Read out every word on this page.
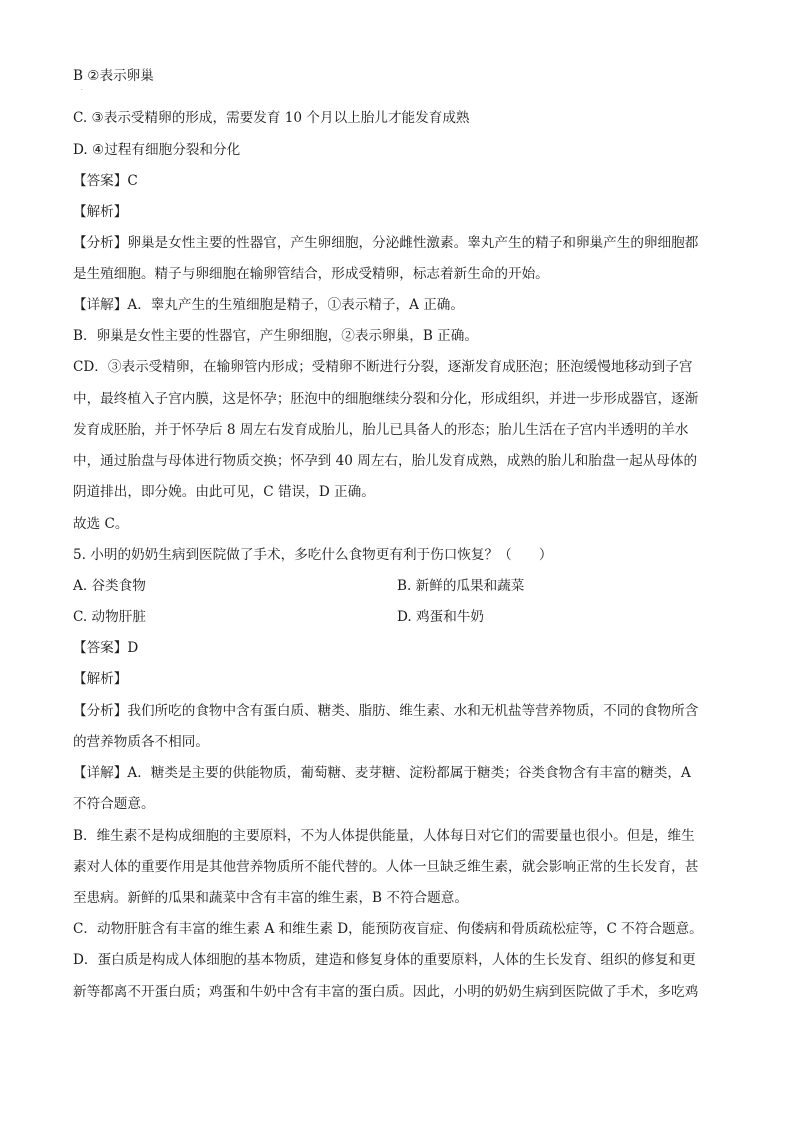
B ②表示卵巢
·
C. ③表示受精卵的形成，需要发育 10 个月以上胎儿才能发育成熟
D. ④过程有细胞分裂和分化
【答案】C
【解析】
【分析】卵巢是女性主要的性器官，产生卵细胞，分泌雌性激素。睾丸产生的精子和卵巢产生的卵细胞都
是生殖细胞。精子与卵细胞在输卵管结合，形成受精卵，标志着新生命的开始。
【详解】A．睾丸产生的生殖细胞是精子，①表示精子，A 正确。
B．卵巢是女性主要的性器官，产生卵细胞，②表示卵巢，B 正确。
CD．③表示受精卵，在输卵管内形成；受精卵不断进行分裂，逐渐发育成胚泡；胚泡缓慢地移动到子宫
中，最终植入子宫内膜，这是怀孕；胚泡中的细胞继续分裂和分化，形成组织，并进一步形成器官，逐渐
发育成胚胎，并于怀孕后 8 周左右发育成胎儿，胎儿已具备人的形态；胎儿生活在子宫内半透明的羊水
中，通过胎盘与母体进行物质交换；怀孕到 40 周左右，胎儿发育成熟，成熟的胎儿和胎盘一起从母体的
阴道排出，即分娩。由此可见，C 错误，D 正确。
故选 C。
5. 小明的奶奶生病到医院做了手术，多吃什么食物更有利于伤口恢复？（　　）
A. 谷类食物	B. 新鲜的瓜果和蔬菜
C. 动物肝脏	D. 鸡蛋和牛奶
【答案】D
【解析】
【分析】我们所吃的食物中含有蛋白质、糖类、脂肪、维生素、水和无机盐等营养物质，不同的食物所含
的营养物质各不相同。
【详解】A．糖类是主要的供能物质，葡萄糖、麦芽糖、淀粉都属于糖类；谷类食物含有丰富的糖类，A
不符合题意。
B．维生素不是构成细胞的主要原料，不为人体提供能量，人体每日对它们的需要量也很小。但是，维生
素对人体的重要作用是其他营养物质所不能代替的。人体一旦缺乏维生素，就会影响正常的生长发育，甚
至患病。新鲜的瓜果和蔬菜中含有丰富的维生素，B 不符合题意。
C．动物肝脏含有丰富的维生素 A 和维生素 D，能预防夜盲症、佝偻病和骨质疏松症等，C 不符合题意。
D．蛋白质是构成人体细胞的基本物质，建造和修复身体的重要原料，人体的生长发育、组织的修复和更
新等都离不开蛋白质；鸡蛋和牛奶中含有丰富的蛋白质。因此，小明的奶奶生病到医院做了手术，多吃鸡
